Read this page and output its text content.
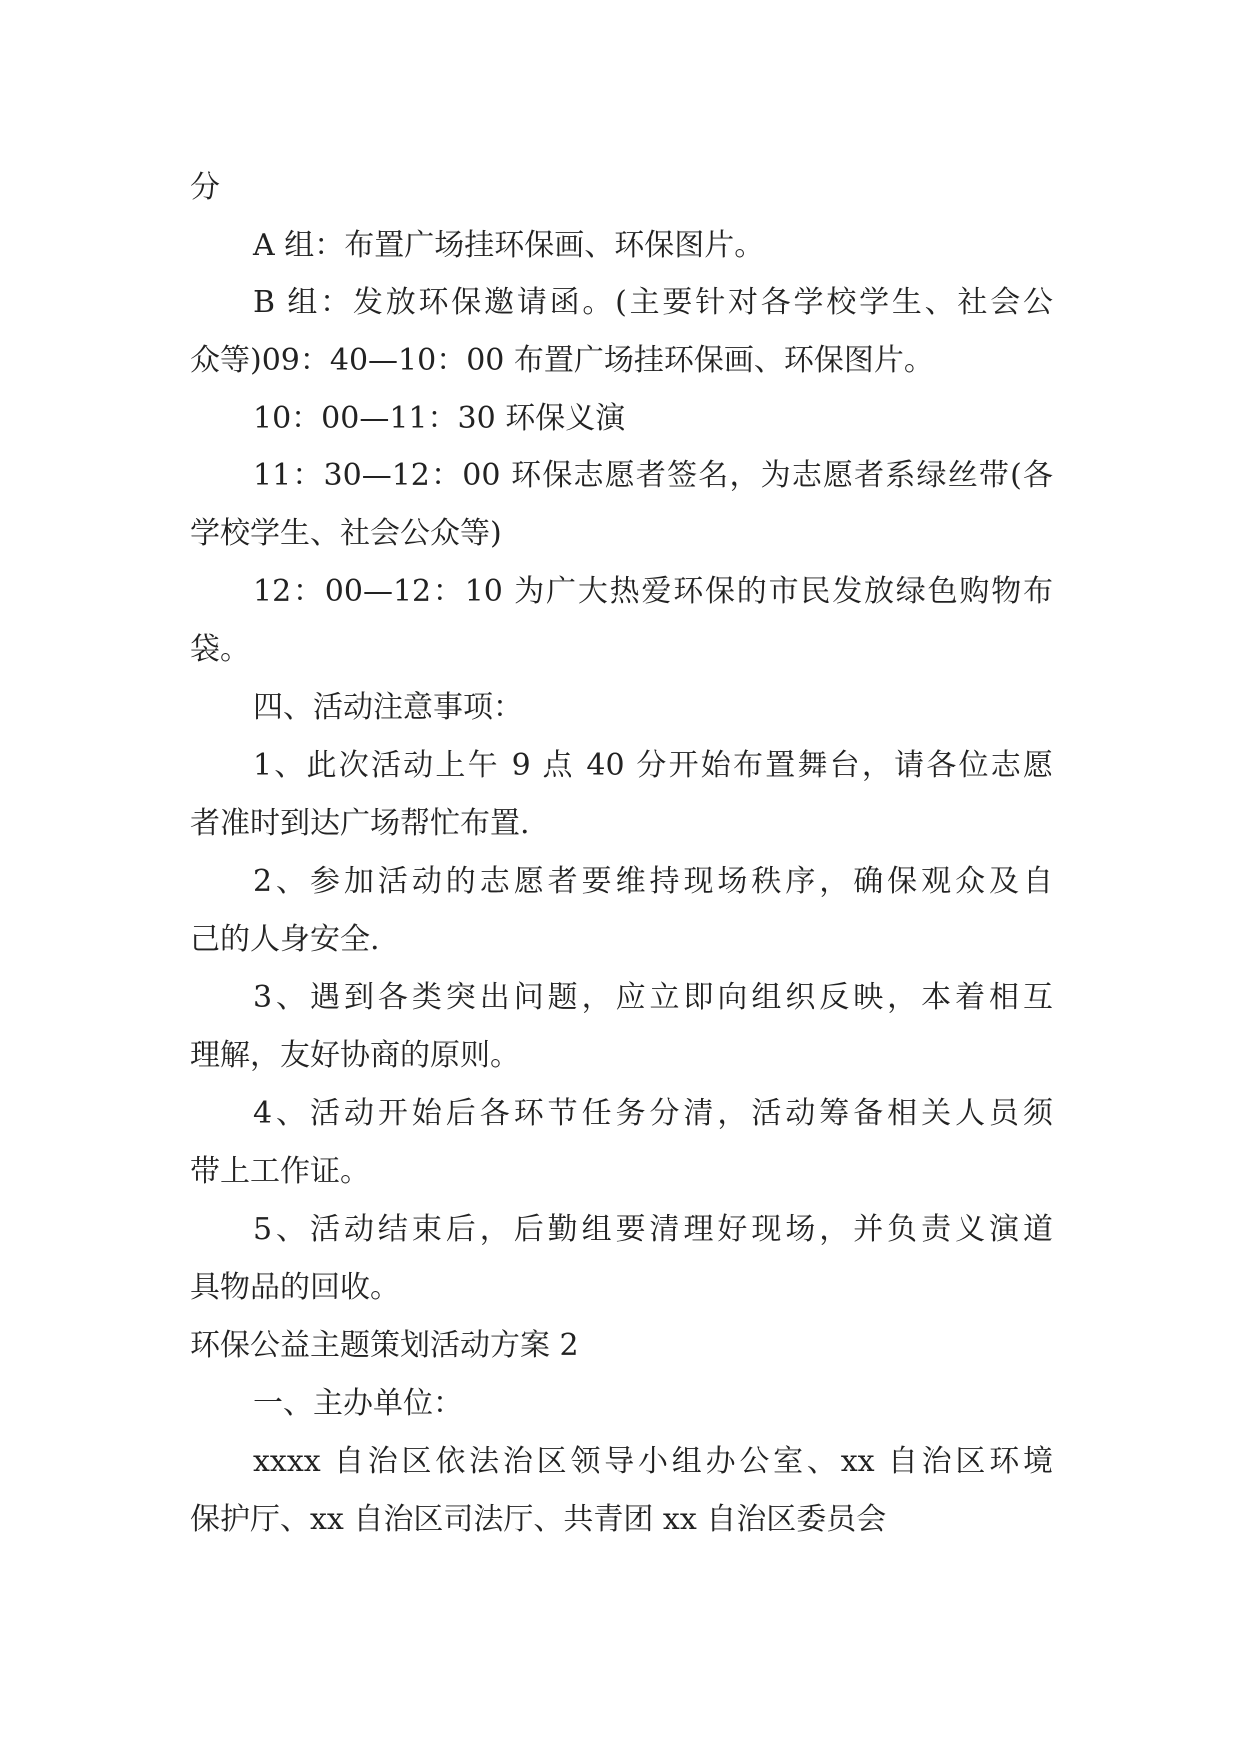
分
A 组：布置广场挂环保画、环保图片。
B 组：发放环保邀请函。(主要针对各学校学生、社会公
众等)09：40—10：00 布置广场挂环保画、环保图片。
10：00—11：30 环保义演
11：30—12：00 环保志愿者签名，为志愿者系绿丝带(各
学校学生、社会公众等)
12：00—12：10 为广大热爱环保的市民发放绿色购物布
袋。
四、活动注意事项：
1、此次活动上午 9 点 40 分开始布置舞台，请各位志愿
者准时到达广场帮忙布置.
2、参加活动的志愿者要维持现场秩序，确保观众及自
己的人身安全.
3、遇到各类突出问题，应立即向组织反映，本着相互
理解，友好协商的原则。
4、活动开始后各环节任务分清，活动筹备相关人员须
带上工作证。
5、活动结束后，后勤组要清理好现场，并负责义演道
具物品的回收。
环保公益主题策划活动方案 2
一、主办单位：
xxxx 自治区依法治区领导小组办公室、xx 自治区环境
保护厅、xx 自治区司法厅、共青团 xx 自治区委员会
